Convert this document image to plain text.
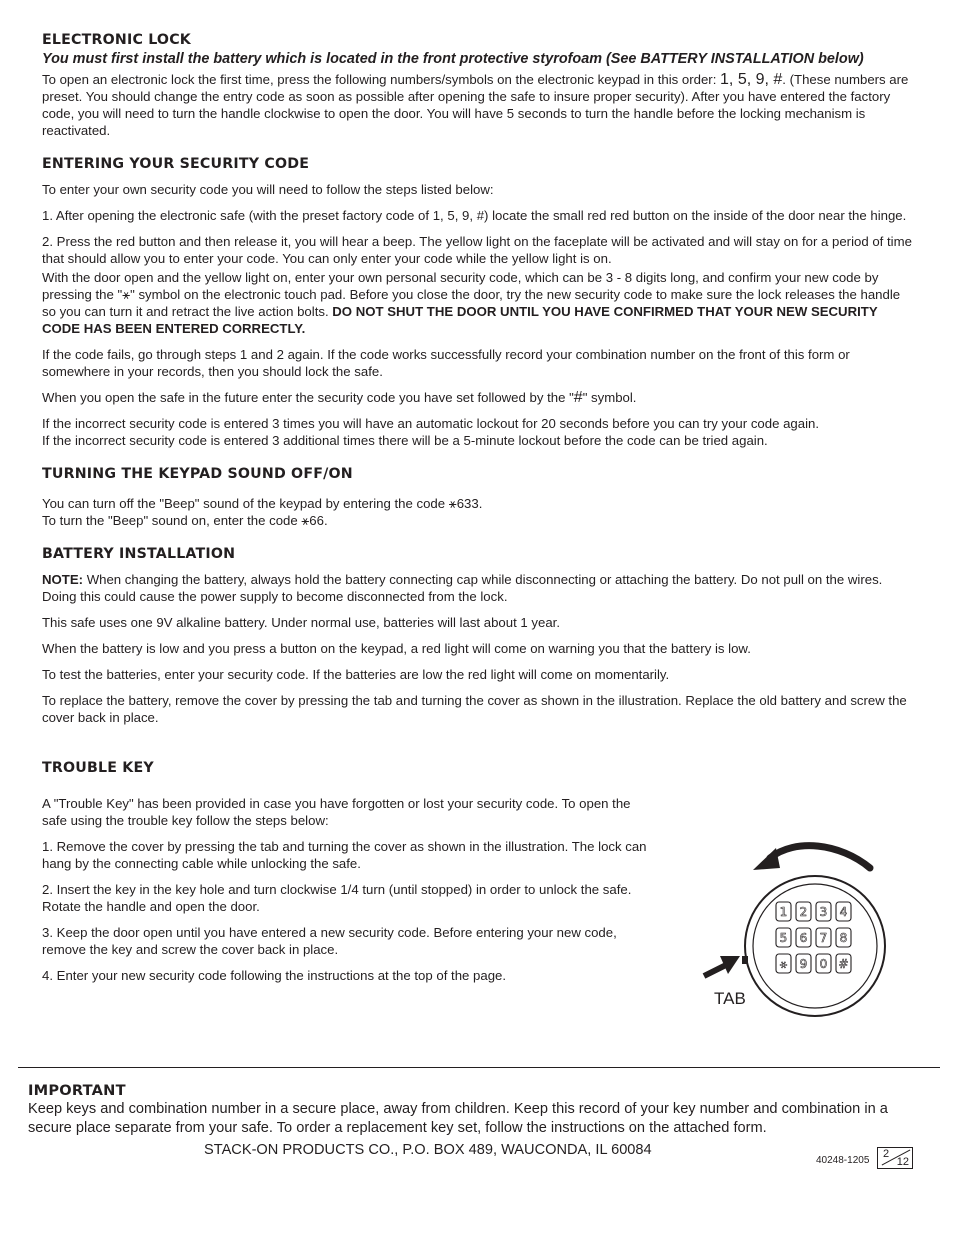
ELECTRONIC LOCK
You must first install the battery which is located in the front protective styrofoam (See BATTERY INSTALLATION below)

To open an electronic lock the first time, press the following numbers/symbols on the electronic keypad in this order: 1, 5, 9, #. (These numbers are preset. You should change the entry code as soon as possible after opening the safe to insure proper security). After you have entered the factory code, you will need to turn the handle clockwise to open the door. You will have 5 seconds to turn the handle before the locking mechanism is reactivated.

ENTERING YOUR SECURITY CODE

To enter your own security code you will need to follow the steps listed below:

1. After opening the electronic safe (with the preset factory code of 1, 5, 9, #) locate the small red red button on the inside of the door near the hinge.

2. Press the red button and then release it, you will hear a beep. The yellow light on the faceplate will be activated and will stay on for a period of time that should allow you to enter your code. You can only enter your code while the yellow light is on.

With the door open and the yellow light on, enter your own personal security code, which can be 3 - 8 digits long, and confirm your new code by pressing the "⚹" symbol on the electronic touch pad. Before you close the door, try the new security code to make sure the lock releases the handle so you can turn it and retract the live action bolts. DO NOT SHUT THE DOOR UNTIL YOU HAVE CONFIRMED THAT YOUR NEW SECURITY CODE HAS BEEN ENTERED CORRECTLY.

If the code fails, go through steps 1 and 2 again. If the code works successfully record your combination number on the front of this form or somewhere in your records, then you should lock the safe.

When you open the safe in the future enter the security code you have set followed by the "#" symbol.

If the incorrect security code is entered 3 times you will have an automatic lockout for 20 seconds before you can try your code again.
If the incorrect security code is entered 3 additional times there will be a 5-minute lockout before the code can be tried again.

TURNING THE KEYPAD SOUND OFF/ON

You can turn off the "Beep" sound of the keypad by entering the code ⚹633.
To turn the "Beep" sound on, enter the code ⚹66.

BATTERY INSTALLATION

NOTE: When changing the battery, always hold the battery connecting cap while disconnecting or attaching the battery. Do not pull on the wires. Doing this could cause the power supply to become disconnected from the lock.

This safe uses one 9V alkaline battery. Under normal use, batteries will last about 1 year.

When the battery is low and you press a button on the keypad, a red light will come on warning you that the battery is low.

To test the batteries, enter your security code. If the batteries are low the red light will come on momentarily.

To replace the battery, remove the cover by pressing the tab and turning the cover as shown in the illustration. Replace the old battery and screw the cover back in place.

TROUBLE KEY

A "Trouble Key" has been provided in case you have forgotten or lost your security code. To open the safe using the trouble key follow the steps below:

1. Remove the cover by pressing the tab and turning the cover as shown in the illustration. The lock can hang by the connecting cable while unlocking the safe.

2. Insert the key in the key hole and turn clockwise 1/4 turn (until stopped) in order to unlock the safe. Rotate the handle and open the door.

3. Keep the door open until you have entered a new security code. Before entering your new code, remove the key and screw the cover back in place.

4. Enter your new security code following the instructions at the top of the page.

1 2 3 4
5 6 7 8
⚹ 9 0 #
TAB
IMPORTANT
Keep keys and combination number in a secure place, away from children. Keep this record of your key number and combination in a secure place separate from your safe. To order a replacement key set, follow the instructions on the attached form.
STACK-ON PRODUCTS CO., P.O. BOX 489, WAUCONDA, IL 60084
40248-1205
2
12
